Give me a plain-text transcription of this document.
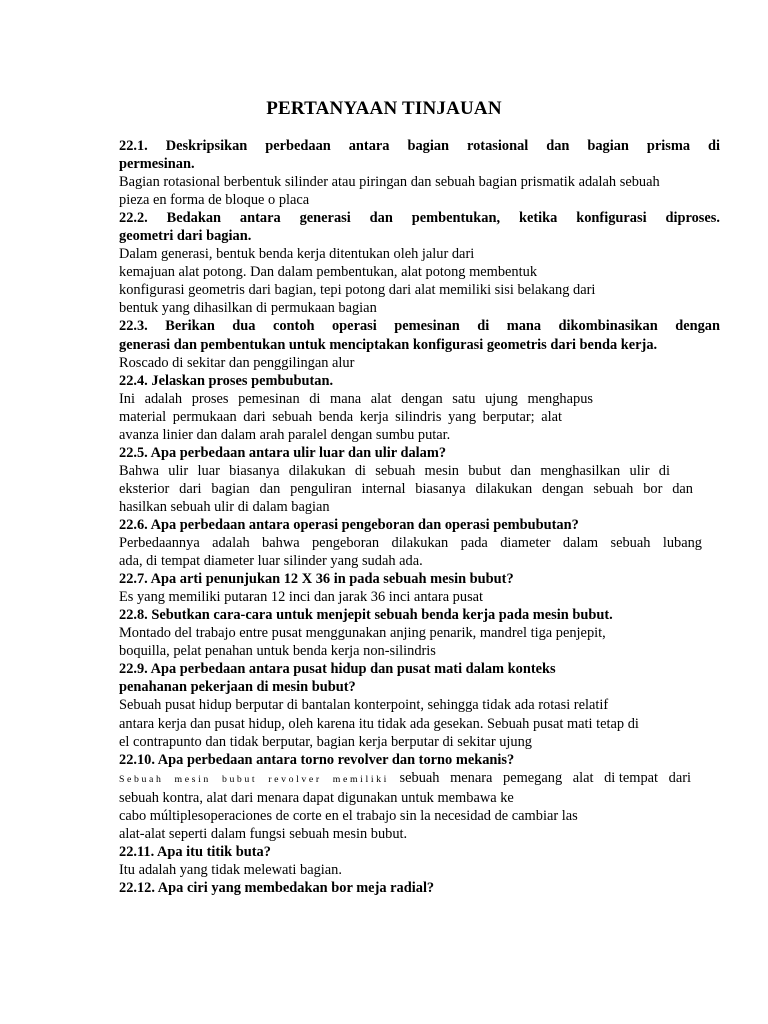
PERTANYAAN TINJAUAN
22.1. Deskripsikan perbedaan antara bagian rotasional dan bagian prisma di
permesinan.
Bagian rotasional berbentuk silinder atau piringan dan sebuah bagian prismatik adalah sebuah
pieza en forma de bloque o placa
22.2. Bedakan antara generasi dan pembentukan, ketika konfigurasi diproses.
geometri dari bagian.
Dalam generasi, bentuk benda kerja ditentukan oleh jalur dari
kemajuan alat potong. Dan dalam pembentukan, alat potong membentuk
konfigurasi geometris dari bagian, tepi potong dari alat memiliki sisi belakang dari
bentuk yang dihasilkan di permukaan bagian
22.3. Berikan dua contoh operasi pemesinan di mana dikombinasikan dengan
generasi dan pembentukan untuk menciptakan konfigurasi geometris dari benda kerja.
Roscado di sekitar dan penggilingan alur
22.4. Jelaskan proses pembubutan.
Ini adalah proses pemesinan di mana alat dengan satu ujung menghapus
material permukaan dari sebuah benda kerja silindris yang berputar; alat
avanza linier dan dalam arah paralel dengan sumbu putar.
22.5. Apa perbedaan antara ulir luar dan ulir dalam?
Bahwa ulir luar biasanya dilakukan di sebuah mesin bubut dan menghasilkan ulir di
eksterior dari bagian dan penguliran internal biasanya dilakukan dengan sebuah bor dan
hasilkan sebuah ulir di dalam bagian
22.6. Apa perbedaan antara operasi pengeboran dan operasi pembubutan?
Perbedaannya adalah bahwa pengeboran dilakukan pada diameter dalam sebuah lubang
ada, di tempat diameter luar silinder yang sudah ada.
22.7. Apa arti penunjukan 12 X 36 in pada sebuah mesin bubut?
Es yang memiliki putaran 12 inci dan jarak 36 inci antara pusat
22.8. Sebutkan cara-cara untuk menjepit sebuah benda kerja pada mesin bubut.
Montado del trabajo entre pusat menggunakan anjing penarik, mandrel tiga penjepit,
boquilla, pelat penahan untuk benda kerja non-silindris
22.9. Apa perbedaan antara pusat hidup dan pusat mati dalam konteks
penahanan pekerjaan di mesin bubut?
Sebuah pusat hidup berputar di bantalan konterpoint, sehingga tidak ada rotasi relatif
antara kerja dan pusat hidup, oleh karena itu tidak ada gesekan. Sebuah pusat mati tetap di
el contrapunto dan tidak berputar, bagian kerja berputar di sekitar ujung
22.10. Apa perbedaan antara torno revolver dan torno mekanis?
Sebuah mesin bubut revolver memiliki sebuah menara pemegang alat di tempat dari
sebuah kontra, alat dari menara dapat digunakan untuk membawa ke
cabo múltiplesoperaciones de corte en el trabajo sin la necesidad de cambiar las
alat-alat seperti dalam fungsi sebuah mesin bubut.
22.11. Apa itu titik buta?
Itu adalah yang tidak melewati bagian.
22.12. Apa ciri yang membedakan bor meja radial?
